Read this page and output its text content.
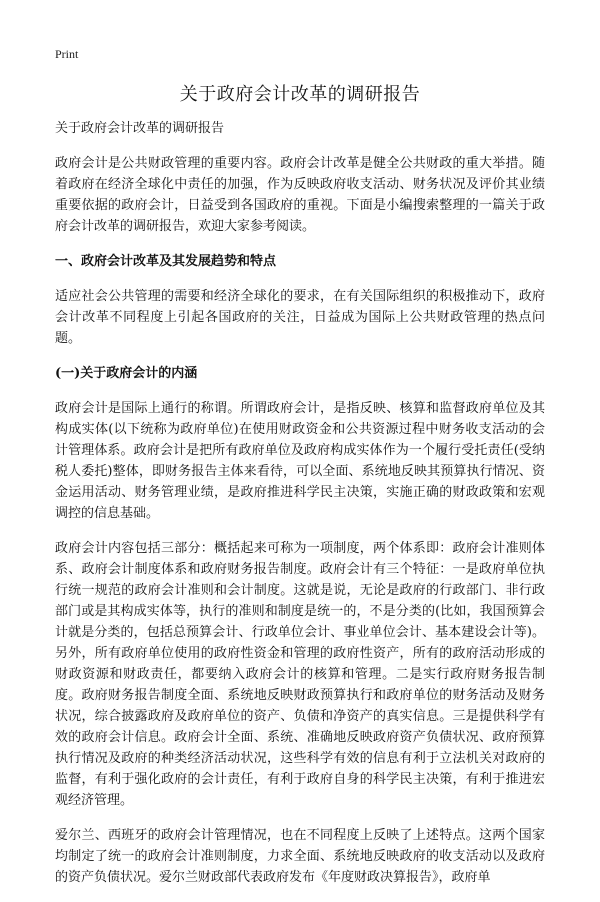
Print
关于政府会计改革的调研报告

关于政府会计改革的调研报告

政府会计是公共财政管理的重要内容。政府会计改革是健全公共财政的重大举措。随着政府在经济全球化中责任的加强，作为反映政府收支活动、财务状况及评价其业绩重要依据的政府会计，日益受到各国政府的重视。下面是小编搜索整理的一篇关于政府会计改革的调研报告，欢迎大家参考阅读。

一、政府会计改革及其发展趋势和特点

适应社会公共管理的需要和经济全球化的要求，在有关国际组织的积极推动下，政府会计改革不同程度上引起各国政府的关注，日益成为国际上公共财政管理的热点问题。

(一)关于政府会计的内涵

政府会计是国际上通行的称谓。所谓政府会计，是指反映、核算和监督政府单位及其构成实体(以下统称为政府单位)在使用财政资金和公共资源过程中财务收支活动的会计管理体系。政府会计是把所有政府单位及政府构成实体作为一个履行受托责任(受纳税人委托)整体，即财务报告主体来看待，可以全面、系统地反映其预算执行情况、资金运用活动、财务管理业绩，是政府推进科学民主决策，实施正确的财政政策和宏观调控的信息基础。

政府会计内容包括三部分：概括起来可称为一项制度，两个体系即：政府会计准则体系、政府会计制度体系和政府财务报告制度。政府会计有三个特征：一是政府单位执行统一规范的政府会计准则和会计制度。这就是说，无论是政府的行政部门、非行政部门或是其构成实体等，执行的准则和制度是统一的，不是分类的(比如，我国预算会计就是分类的，包括总预算会计、行政单位会计、事业单位会计、基本建设会计等)。另外，所有政府单位使用的政府性资金和管理的政府性资产，所有的政府活动形成的财政资源和财政责任，都要纳入政府会计的核算和管理。二是实行政府财务报告制度。政府财务报告制度全面、系统地反映财政预算执行和政府单位的财务活动及财务状况，综合披露政府及政府单位的资产、负债和净资产的真实信息。三是提供科学有效的政府会计信息。政府会计全面、系统、准确地反映政府资产负债状况、政府预算执行情况及政府的种类经济活动状况，这些科学有效的信息有利于立法机关对政府的监督，有利于强化政府的会计责任，有利于政府自身的科学民主决策，有利于推进宏观经济管理。

爱尔兰、西班牙的政府会计管理情况，也在不同程度上反映了上述特点。这两个国家均制定了统一的政府会计准则制度，力求全面、系统地反映政府的收支活动以及政府的资产负债状况。爱尔兰财政部代表政府发布《年度财政决算报告》，政府单
